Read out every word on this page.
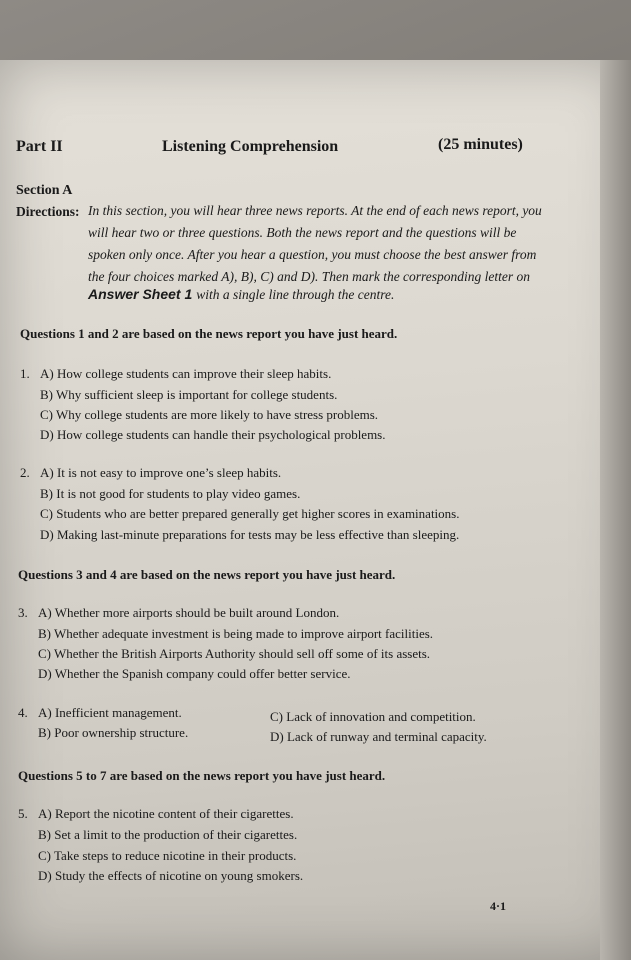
Part II	Listening Comprehension	(25 minutes)
Section A
Directions: In this section, you will hear three news reports. At the end of each news report, you
will hear two or three questions. Both the news report and the questions will be
spoken only once. After you hear a question, you must choose the best answer from
the four choices marked A), B), C) and D). Then mark the corresponding letter on
Answer Sheet 1 with a single line through the centre.
Questions 1 and 2 are based on the news report you have just heard.
1. A) How college students can improve their sleep habits.
B) Why sufficient sleep is important for college students.
C) Why college students are more likely to have stress problems.
D) How college students can handle their psychological problems.
2. A) It is not easy to improve one’s sleep habits.
B) It is not good for students to play video games.
C) Students who are better prepared generally get higher scores in examinations.
D) Making last-minute preparations for tests may be less effective than sleeping.
Questions 3 and 4 are based on the news report you have just heard.
3. A) Whether more airports should be built around London.
B) Whether adequate investment is being made to improve airport facilities.
C) Whether the British Airports Authority should sell off some of its assets.
D) Whether the Spanish company could offer better service.
4. A) Inefficient management.	C) Lack of innovation and competition.
B) Poor ownership structure.	D) Lack of runway and terminal capacity.
Questions 5 to 7 are based on the news report you have just heard.
5. A) Report the nicotine content of their cigarettes.
B) Set a limit to the production of their cigarettes.
C) Take steps to reduce nicotine in their products.
D) Study the effects of nicotine on young smokers.
4·1
